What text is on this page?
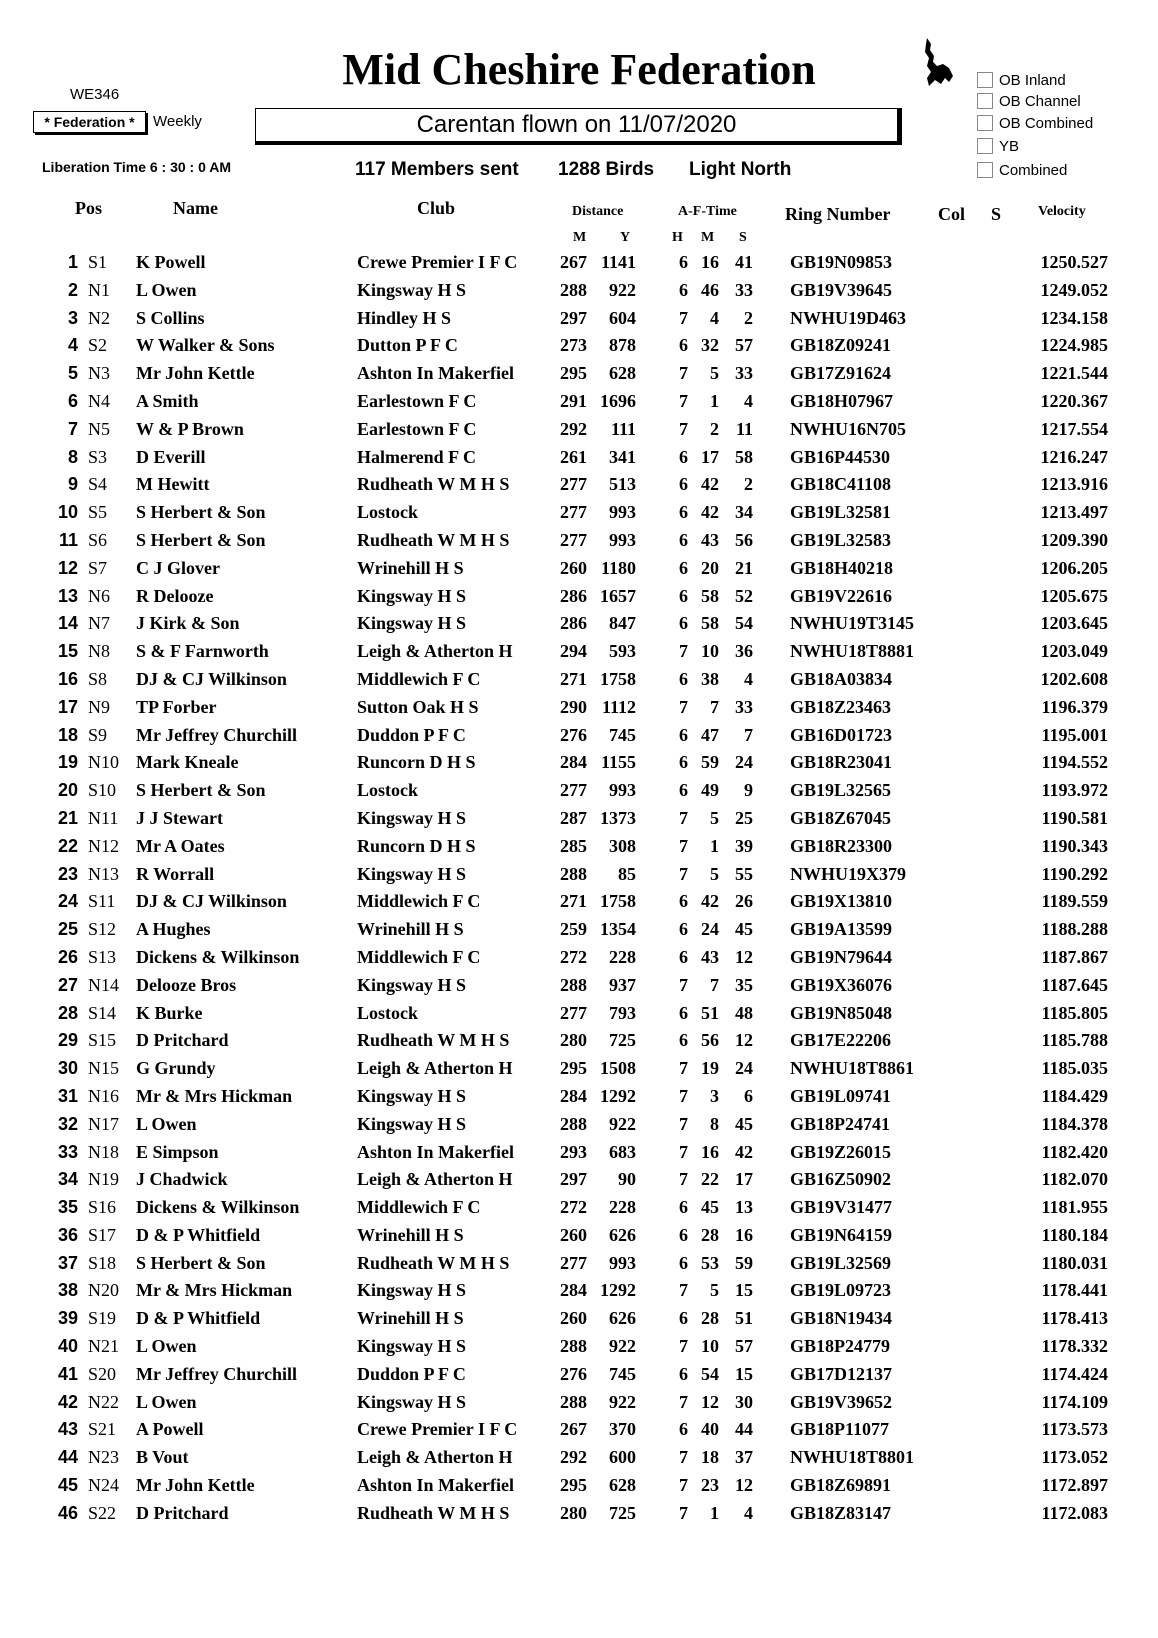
Mid Cheshire Federation
WE346
* Federation *	Weekly	Carentan flown on 11/07/2020
OB Inland
OB Channel
OB Combined
YB
Combined
Liberation Time 6 : 30 : 0 AM	117 Members sent 1288 Birds Light North
Pos	Name	Club	Distance	A-F-Time	Ring Number	Col S	Velocity
M Y	H M S
1 S1 K Powell	Crewe Premier I F C 267 1141 6 16 41 GB19N09853	1250.527
2 N1 L Owen	Kingsway H S	288 922 6 46 33 GB19V39645	1249.052
3 N2 S Collins	Hindley H S	297 604 7 4 2 NWHU19D463	1234.158
4 S2 W Walker & Sons	Dutton P F C	273 878 6 32 57 GB18Z09241	1224.985
5 N3 Mr John Kettle	Ashton In Makerfiel	295 628 7 5 33 GB17Z91624	1221.544
6 N4 A Smith	Earlestown F C	291 1696 7 1 4 GB18H07967	1220.367
7 N5 W & P Brown	Earlestown F C	292 111 7 2 11 NWHU16N705	1217.554
8 S3 D Everill	Halmerend F C	261 341 6 17 58 GB16P44530	1216.247
9 S4 M Hewitt	Rudheath W M H S	277 513 6 42 2 GB18C41108	1213.916
10 S5 S Herbert & Son	Lostock	277 993 6 42 34 GB19L32581	1213.497
11 S6 S Herbert & Son	Rudheath W M H S	277 993 6 43 56 GB19L32583	1209.390
12 S7 C J Glover	Wrinehill H S	260 1180 6 20 21 GB18H40218	1206.205
13 N6 R Delooze	Kingsway H S	286 1657 6 58 52 GB19V22616	1205.675
14 N7 J Kirk & Son	Kingsway H S	286 847 6 58 54 NWHU19T3145	1203.645
15 N8 S & F Farnworth	Leigh & Atherton H	294 593 7 10 36 NWHU18T8881	1203.049
16 S8 DJ & CJ Wilkinson	Middlewich F C	271 1758 6 38 4 GB18A03834	1202.608
17 N9 TP Forber	Sutton Oak H S	290 1112 7 7 33 GB18Z23463	1196.379
18 S9 Mr Jeffrey Churchill	Duddon P F C	276 745 6 47 7 GB16D01723	1195.001
19 N10 Mark Kneale	Runcorn D H S	284 1155 6 59 24 GB18R23041	1194.552
20 S10 S Herbert & Son	Lostock	277 993 6 49 9 GB19L32565	1193.972
21 N11 J J Stewart	Kingsway H S	287 1373 7 5 25 GB18Z67045	1190.581
22 N12 Mr A Oates	Runcorn D H S	285 308 7 1 39 GB18R23300	1190.343
23 N13 R Worrall	Kingsway H S	288 85 7 5 55 NWHU19X379	1190.292
24 S11 DJ & CJ Wilkinson	Middlewich F C	271 1758 6 42 26 GB19X13810	1189.559
25 S12 A Hughes	Wrinehill H S	259 1354 6 24 45 GB19A13599	1188.288
26 S13 Dickens & Wilkinson	Middlewich F C	272 228 6 43 12 GB19N79644	1187.867
27 N14 Delooze Bros	Kingsway H S	288 937 7 7 35 GB19X36076	1187.645
28 S14 K Burke	Lostock	277 793 6 51 48 GB19N85048	1185.805
29 S15 D Pritchard	Rudheath W M H S	280 725 6 56 12 GB17E22206	1185.788
30 N15 G Grundy	Leigh & Atherton H	295 1508 7 19 24 NWHU18T8861	1185.035
31 N16 Mr & Mrs Hickman	Kingsway H S	284 1292 7 3 6 GB19L09741	1184.429
32 N17 L Owen	Kingsway H S	288 922 7 8 45 GB18P24741	1184.378
33 N18 E Simpson	Ashton In Makerfiel	293 683 7 16 42 GB19Z26015	1182.420
34 N19 J Chadwick	Leigh & Atherton H	297 90 7 22 17 GB16Z50902	1182.070
35 S16 Dickens & Wilkinson	Middlewich F C	272 228 6 45 13 GB19V31477	1181.955
36 S17 D & P Whitfield	Wrinehill H S	260 626 6 28 16 GB19N64159	1180.184
37 S18 S Herbert & Son	Rudheath W M H S	277 993 6 53 59 GB19L32569	1180.031
38 N20 Mr & Mrs Hickman	Kingsway H S	284 1292 7 5 15 GB19L09723	1178.441
39 S19 D & P Whitfield	Wrinehill H S	260 626 6 28 51 GB18N19434	1178.413
40 N21 L Owen	Kingsway H S	288 922 7 10 57 GB18P24779	1178.332
41 S20 Mr Jeffrey Churchill	Duddon P F C	276 745 6 54 15 GB17D12137	1174.424
42 N22 L Owen	Kingsway H S	288 922 7 12 30 GB19V39652	1174.109
43 S21 A Powell	Crewe Premier I F C 267 370 6 40 44 GB18P11077	1173.573
44 N23 B Vout	Leigh & Atherton H	292 600 7 18 37 NWHU18T8801	1173.052
45 N24 Mr John Kettle	Ashton In Makerfiel	295 628 7 23 12 GB18Z69891	1172.897
46 S22 D Pritchard	Rudheath W M H S	280 725 7 1 4 GB18Z83147	1172.083
